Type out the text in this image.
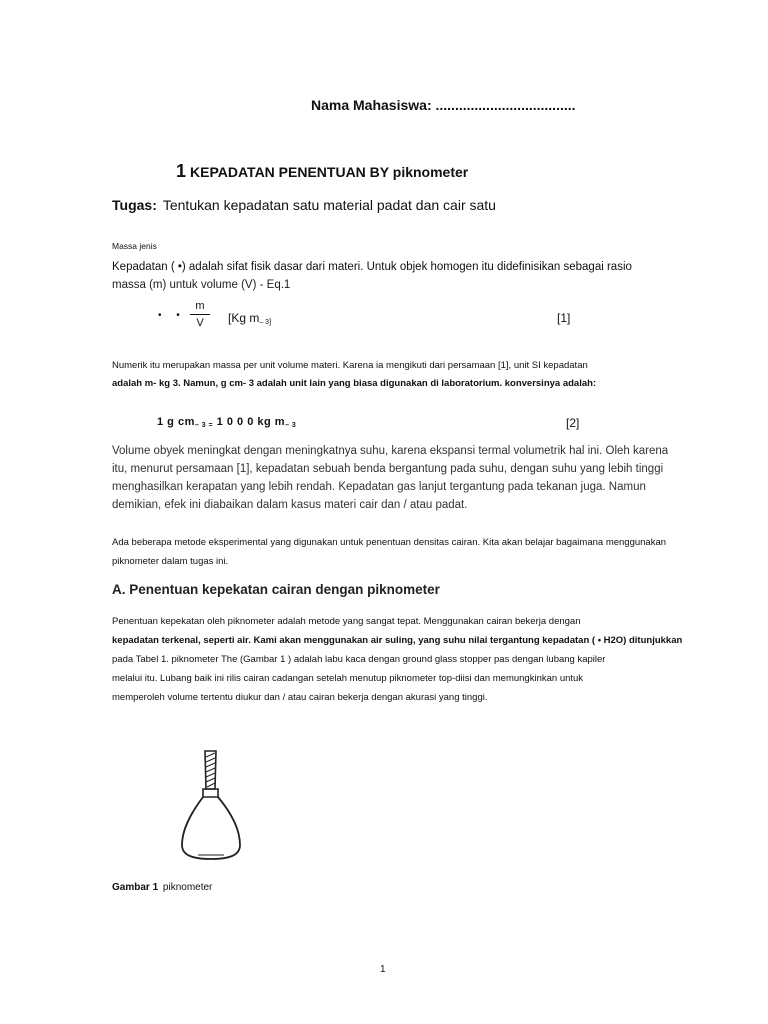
Nama Mahasiswa: ....................................
1 KEPADATAN PENENTUAN BY piknometer
Tugas: Tentukan kepadatan satu material padat dan cair satu
Massa jenis
Kepadatan ( •) adalah sifat fisik dasar dari materi. Untuk objek homogen itu didefinisikan sebagai rasio
massa (m) untuk volume (V) - Eq.1
• •
m
V	[Kg $m_{- 3]}$	[1]
Numerik itu merupakan massa per unit volume materi. Karena ia mengikuti dari persamaan [1], unit SI kepadatan
adalah m- kg 3. Namun, g cm- 3 adalah unit lain yang biasa digunakan di laboratorium. konversinya adalah:
1 g $cm_{- 3 =}$ 1 0 0 0 kg $m_{- 3}$	[2]
Volume obyek meningkat dengan meningkatnya suhu, karena ekspansi termal volumetrik hal ini. Oleh karena itu, menurut persamaan [1], kepadatan sebuah benda bergantung pada suhu, dengan suhu yang lebih tinggi menghasilkan kerapatan yang lebih rendah. Kepadatan gas lanjut tergantung pada tekanan juga. Namun demikian, efek ini diabaikan dalam kasus materi cair dan / atau padat.
Ada beberapa metode eksperimental yang digunakan untuk penentuan densitas cairan. Kita akan belajar bagaimana menggunakan piknometer dalam tugas ini.
A. Penentuan kepekatan cairan dengan piknometer
Penentuan kepekatan oleh piknometer adalah metode yang sangat tepat. Menggunakan cairan bekerja dengan
kepadatan terkenal, seperti air. Kami akan menggunakan air suling, yang suhu nilai tergantung kepadatan ( • H2O) ditunjukkan
pada Tabel 1. piknometer The (Gambar 1 ) adalah labu kaca dengan ground glass stopper pas dengan lubang kapiler
melalui itu. Lubang baik ini rilis cairan cadangan setelah menutup piknometer top-diisi dan memungkinkan untuk
memperoleh volume tertentu diukur dan / atau cairan bekerja dengan akurasi yang tinggi.
Gambar 1 piknometer
1
